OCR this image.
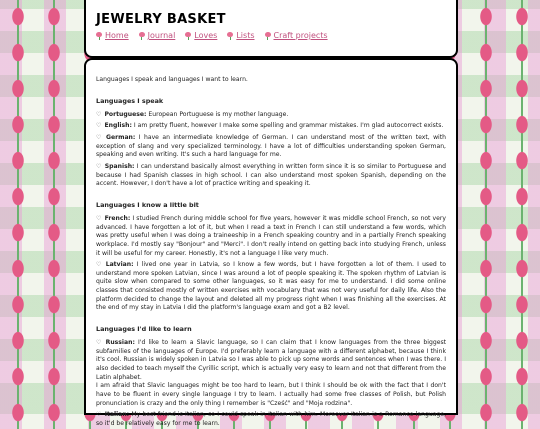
JEWELRY BASKET
Home Journal Loves Lists Craft projects

Languages I speak and languages I want to learn.

Languages I speak
♡ Portuguese: European Portuguese is my mother language.
♡ English: I am pretty fluent, however I make some spelling and grammar mistakes. I'm glad autocorrect exists.
♡ German: I have an intermediate knowledge of German. I can understand most of the written text, with exception of slang and very specialized terminology. I have a lot of difficulties understanding spoken German, speaking and even writing. It's such a hard language for me.
♡ Spanish: I can understand basically almost everything in written form since it is so similar to Portuguese and because I had Spanish classes in high school. I can also understand most spoken Spanish, depending on the accent. However, I don't have a lot of practice writing and speaking it.
Languages I know a little bit
♡ French: I studied French during middle school for five years, however it was middle school French, so not very advanced. I have forgotten a lot of it, but when I read a text in French I can still understand a few words, which was pretty useful when I was doing a traineeship in a French speaking country and in a partially French speaking workplace. I'd mostly say "Bonjour" and "Merci". I don't really intend on getting back into studying French, unless it will be useful for my career. Honestly, it's not a language I like very much.
♡ Latvian: I lived one year in Latvia, so I know a few words, but I have forgotten a lot of them. I used to understand more spoken Latvian, since I was around a lot of people speaking it. The spoken rhythm of Latvian is quite slow when compared to some other languages, so it was easy for me to understand. I did some online classes that consisted mostly of written exercises with vocabulary that was not very useful for daily life. Also the platform decided to change the layout and deleted all my progress right when I was finishing all the exercises. At the end of my stay in Latvia I did the platform's language exam and got a B2 level.
Languages I'd like to learn
♡ Russian: I'd like to learn a Slavic language, so I can claim that I know languages from the three biggest subfamilies of the languages of Europe. I'd preferably learn a language with a different alphabet, because I think it's cool. Russian is widely spoken in Latvia so I was able to pick up some words and sentences when I was there. I also decided to teach myself the Cyrillic script, which is actually very easy to learn and not that different from the Latin alphabet.
I am afraid that Slavic languages might be too hard to learn, but I think I should be ok with the fact that I don't have to be fluent in every single language I try to learn. I actually had some free classes of Polish, but Polish pronunciation is crazy and the only thing I remember is "Cześć" and "Moja rodzina".
♡ Italian: My best friend is Italian, so I could speak in Italian with him. Moreover Italian is a Romance language, so it'd be relatively easy for me to learn.
